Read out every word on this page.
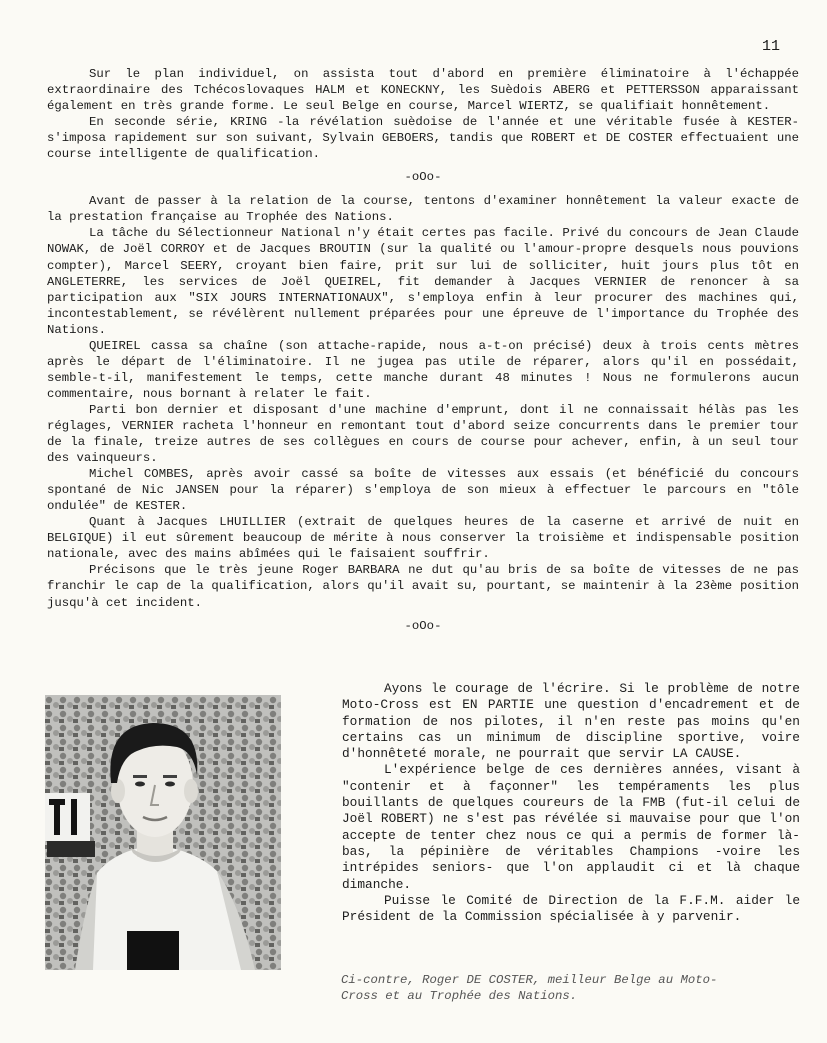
11

Sur le plan individuel, on assista tout d'abord en première éliminatoire à l'échappée extraordinaire des Tchécoslovaques HALM et KONECKNY, les Suèdois ABERG et PETTERSSON apparaissant également en très grande forme. Le seul Belge en course, Marcel WIERTZ, se qualifiait honnêtement.

En seconde série, KRING -la révélation suèdoise de l'année et une véritable fusée à KESTER- s'imposa rapidement sur son suivant, Sylvain GEBOERS, tandis que ROBERT et DE COSTER effectuaient une course intelligente de qualification.

-oOo-

Avant de passer à la relation de la course, tentons d'examiner honnêtement la valeur exacte de la prestation française au Trophée des Nations.

La tâche du Sélectionneur National n'y était certes pas facile. Privé du concours de Jean Claude NOWAK, de Joël CORROY et de Jacques BROUTIN (sur la qualité ou l'amour-propre desquels nous pouvions compter), Marcel SEERY, croyant bien faire, prit sur lui de solliciter, huit jours plus tôt en ANGLETERRE, les services de Joël QUEIREL, fit demander à Jacques VERNIER de renoncer à sa participation aux "SIX JOURS INTERNATIONAUX", s'employa enfin à leur procurer des machines qui, incontestablement, se révélèrent nullement préparées pour une épreuve de l'importance du Trophée des Nations.

QUEIREL cassa sa chaîne (son attache-rapide, nous a-t-on précisé) deux à trois cents mètres après le départ de l'éliminatoire. Il ne jugea pas utile de réparer, alors qu'il en possédait, semble-t-il, manifestement le temps, cette manche durant 48 minutes ! Nous ne formulerons aucun commentaire, nous bornant à relater le fait.

Parti bon dernier et disposant d'une machine d'emprunt, dont il ne connaissait hélàs pas les réglages, VERNIER racheta l'honneur en remontant tout d'abord seize concurrents dans le premier tour de la finale, treize autres de ses collègues en cours de course pour achever, enfin, à un seul tour des vainqueurs.

Michel COMBES, après avoir cassé sa boîte de vitesses aux essais (et bénéficié du concours spontané de Nic JANSEN pour la réparer) s'employa de son mieux à effectuer le parcours en "tôle ondulée" de KESTER.

Quant à Jacques LHUILLIER (extrait de quelques heures de la caserne et arrivé de nuit en BELGIQUE) il eut sûrement beaucoup de mérite à nous conserver la troisième et indispensable position nationale, avec des mains abîmées qui le faisaient souffrir.

Précisons que le très jeune Roger BARBARA ne dut qu'au bris de sa boîte de vitesses de ne pas franchir le cap de la qualification, alors qu'il avait su, pourtant, se maintenir à la 23ème position jusqu'à cet incident.

-oOo-

Ayons le courage de l'écrire. Si le problème de notre Moto-Cross est EN PARTIE une question d'encadrement et de formation de nos pilotes, il n'en reste pas moins qu'en certains cas un minimum de discipline sportive, voire d'honnêteté morale, ne pourrait que servir LA CAUSE.

L'expérience belge de ces dernières années, visant à "contenir et à façonner" les tempéraments les plus bouillants de quelques coureurs de la FMB (fut-il celui de Joël ROBERT) ne s'est pas révélée si mauvaise pour que l'on accepte de tenter chez nous ce qui a permis de former là-bas, la pépinière de véritables Champions -voire les intrépides seniors- que l'on applaudit ci et là chaque dimanche.

Puisse le Comité de Direction de la F.F.M. aider le Président de la Commission spécialisée à y parvenir.

Ci-contre, Roger DE COSTER, meilleur Belge au Moto-Cross et au Trophée des Nations.
